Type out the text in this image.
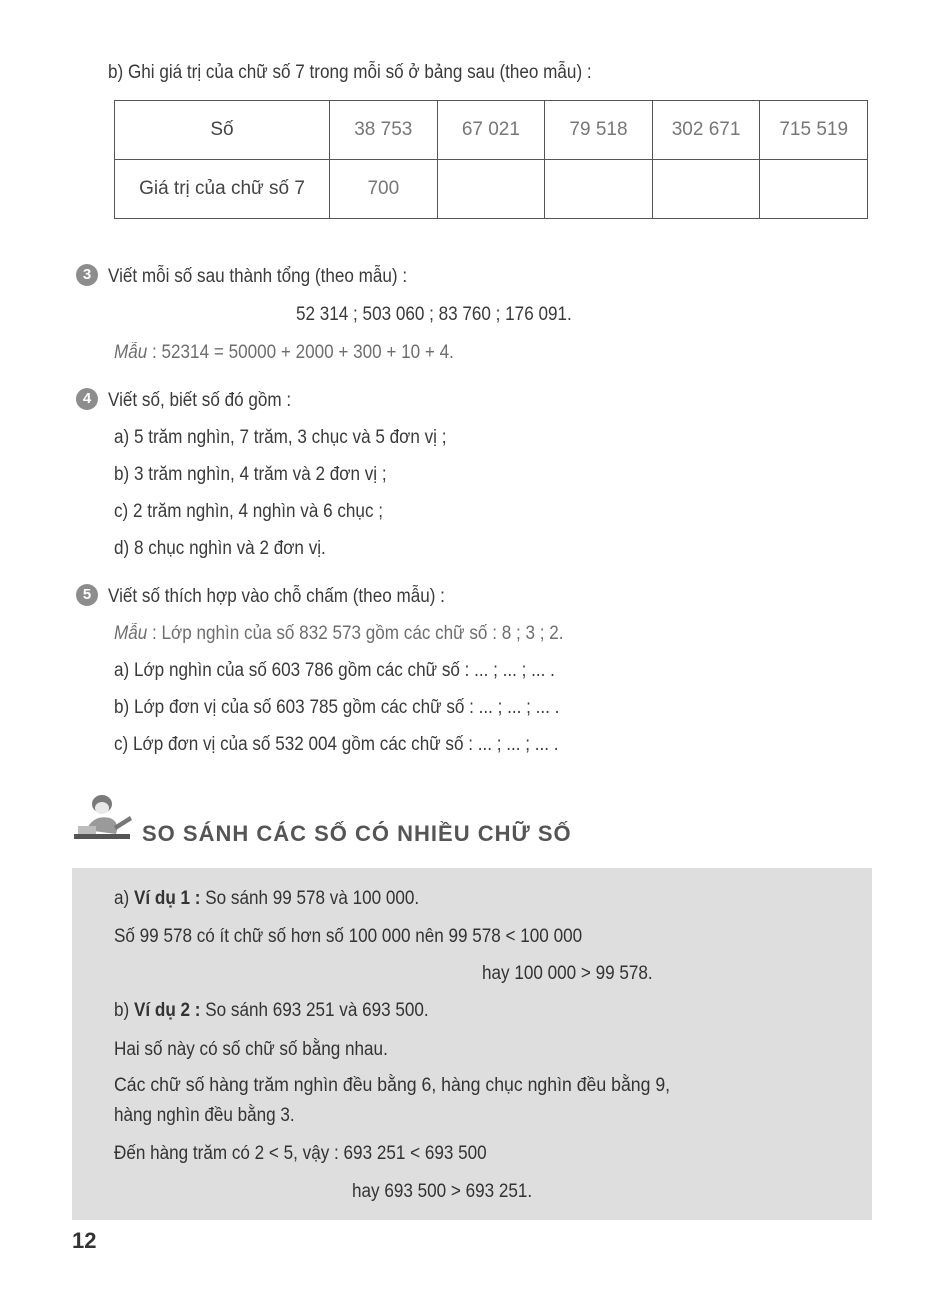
b) Ghi giá trị của chữ số 7 trong mỗi số ở bảng sau (theo mẫu) :
Số	38 753	67 021	79 518	302 671	715 519
Giá trị của chữ số 7	700				
3 Viết mỗi số sau thành tổng (theo mẫu) :
52 314 ; 503 060 ; 83 760 ; 176 091.
Mẫu : 52314 = 50000 + 2000 + 300 + 10 + 4.
4 Viết số, biết số đó gồm :
a) 5 trăm nghìn, 7 trăm, 3 chục và 5 đơn vị ;
b) 3 trăm nghìn, 4 trăm và 2 đơn vị ;
c) 2 trăm nghìn, 4 nghìn và 6 chục ;
d) 8 chục nghìn và 2 đơn vị.
5 Viết số thích hợp vào chỗ chấm (theo mẫu) :
Mẫu : Lớp nghìn của số 832 573 gồm các chữ số : 8 ; 3 ; 2.
a) Lớp nghìn của số 603 786 gồm các chữ số : ... ; ... ; ... .
b) Lớp đơn vị của số 603 785 gồm các chữ số : ... ; ... ; ... .
c) Lớp đơn vị của số 532 004 gồm các chữ số : ... ; ... ; ... .
SO SÁNH CÁC SỐ CÓ NHIỀU CHỮ SỐ
a) Ví dụ 1 : So sánh 99 578 và 100 000.
Số 99 578 có ít chữ số hơn số 100 000 nên 99 578 < 100 000
hay 100 000 > 99 578.
b) Ví dụ 2 : So sánh 693 251 và 693 500.
Hai số này có số chữ số bằng nhau.
Các chữ số hàng trăm nghìn đều bằng 6, hàng chục nghìn đều bằng 9,
hàng nghìn đều bằng 3.
Đến hàng trăm có 2 < 5, vậy : 693 251 < 693 500
hay 693 500 > 693 251.
12
